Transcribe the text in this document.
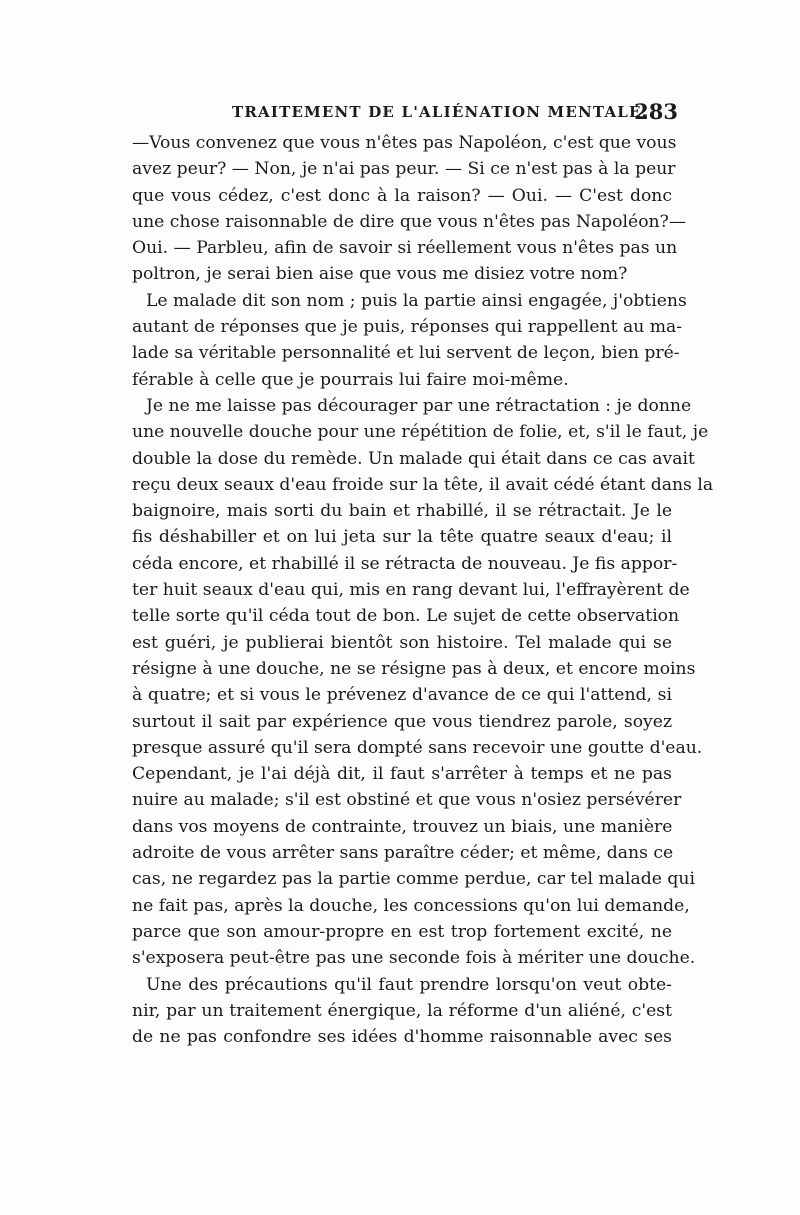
TRAITEMENT DE L'ALIÉNATION MENTALE.
283
—Vous convenez que vous n'êtes pas Napoléon, c'est que vous
avez peur? — Non, je n'ai pas peur. — Si ce n'est pas à la peur
que vous cédez, c'est donc à la raison? — Oui. — C'est donc
une chose raisonnable de dire que vous n'êtes pas Napoléon?—
Oui. — Parbleu, afin de savoir si réellement vous n'êtes pas un
poltron, je serai bien aise que vous me disiez votre nom?
Le malade dit son nom ; puis la partie ainsi engagée, j'obtiens
autant de réponses que je puis, réponses qui rappellent au ma-
lade sa véritable personnalité et lui servent de leçon, bien pré-
férable à celle que je pourrais lui faire moi-même.
Je ne me laisse pas décourager par une rétractation : je donne
une nouvelle douche pour une répétition de folie, et, s'il le faut, je
double la dose du remède. Un malade qui était dans ce cas avait
reçu deux seaux d'eau froide sur la tête, il avait cédé étant dans la
baignoire, mais sorti du bain et rhabillé, il se rétractait. Je le
fis déshabiller et on lui jeta sur la tête quatre seaux d'eau; il
céda encore, et rhabillé il se rétracta de nouveau. Je fis appor-
ter huit seaux d'eau qui, mis en rang devant lui, l'effrayèrent de
telle sorte qu'il céda tout de bon. Le sujet de cette observation
est guéri, je publierai bientôt son histoire. Tel malade qui se
résigne à une douche, ne se résigne pas à deux, et encore moins
à quatre; et si vous le prévenez d'avance de ce qui l'attend, si
surtout il sait par expérience que vous tiendrez parole, soyez
presque assuré qu'il sera dompté sans recevoir une goutte d'eau.
Cependant, je l'ai déjà dit, il faut s'arrêter à temps et ne pas
nuire au malade; s'il est obstiné et que vous n'osiez persévérer
dans vos moyens de contrainte, trouvez un biais, une manière
adroite de vous arrêter sans paraître céder; et même, dans ce
cas, ne regardez pas la partie comme perdue, car tel malade qui
ne fait pas, après la douche, les concessions qu'on lui demande,
parce que son amour-propre en est trop fortement excité, ne
s'exposera peut-être pas une seconde fois à mériter une douche.
Une des précautions qu'il faut prendre lorsqu'on veut obte-
nir, par un traitement énergique, la réforme d'un aliéné, c'est
de ne pas confondre ses idées d'homme raisonnable avec ses
